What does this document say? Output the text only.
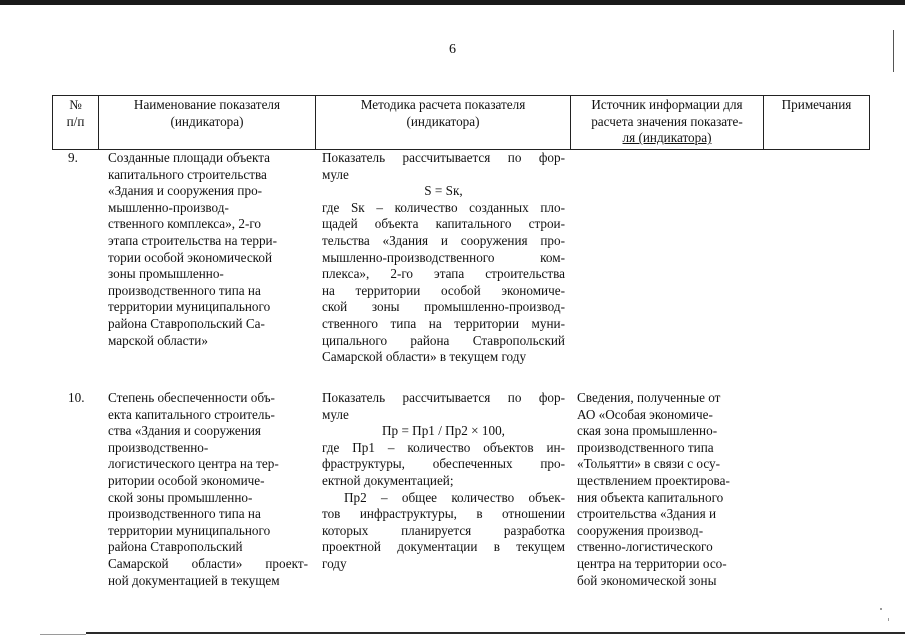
6
№
п/п
Наименование показателя
(индикатора)
Методика расчета показателя
(индикатора)
Источник информации для
расчета значения показате-
ля (индикатора)
Примечания
9. Созданные площади объекта
капитального строительства
«Здания и сооружения про-
мышленно-производ-
ственного комплекса», 2-го
этапа строительства на терри-
тории особой экономической
зоны промышленно-
производственного типа на
территории муниципального
района Ставропольский Са-
марской области»
Показатель рассчитывается по фор-
муле
S = Sк,
где Sк – количество созданных пло-
щадей объекта капитального строи-
тельства «Здания и сооружения про-
мышленно-производственного ком-
плекса», 2-го этапа строительства
на территории особой экономиче-
ской зоны промышленно-производ-
ственного типа на территории муни-
ципального района Ставропольский
Самарской области» в текущем году
10. Степень обеспеченности объ-
екта капитального строитель-
ства «Здания и сооружения
производственно-
логистического центра на тер-
ритории особой экономиче-
ской зоны промышленно-
производственного типа на
территории муниципального
района Ставропольский
Самарской области» проект-
ной документацией в текущем
Показатель рассчитывается по фор-
муле
Пр = Пр1 / Пр2 × 100,
где Пр1 – количество объектов ин-
фраструктуры, обеспеченных про-
ектной документацией;
Пр2 – общее количество объек-
тов инфраструктуры, в отношении
которых планируется разработка
проектной документации в текущем
году
Сведения, полученные от
АО «Особая экономиче-
ская зона промышленно-
производственного типа
«Тольятти» в связи с осу-
ществлением проектирова-
ния объекта капитального
строительства «Здания и
сооружения производ-
ственно-логистического
центра на территории осо-
бой экономической зоны
